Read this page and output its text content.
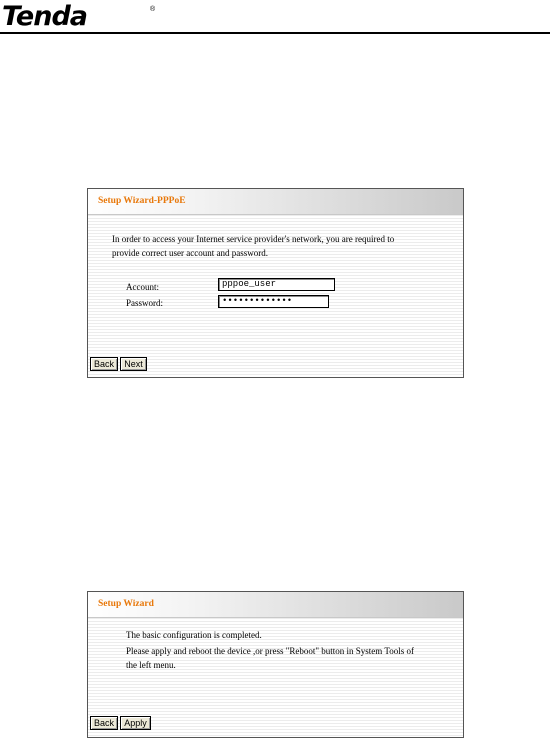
Tenda	®
Setup Wizard-PPPoE
In order to access your Internet service provider's network, you are required to
provide correct user account and password.
Account:	pppoe_user
Password:	•••••••••••••
Back	Next
Setup Wizard
The basic configuration is completed.
Please apply and reboot the device ,or press "Reboot" button in System Tools of
the left menu.
Back	Apply
